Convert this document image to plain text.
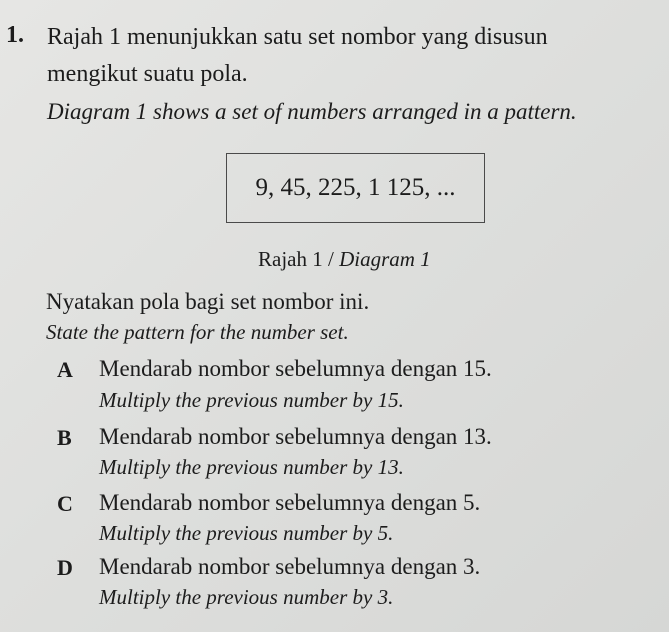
1. Rajah 1 menunjukkan satu set nombor yang disusun
mengikut suatu pola.
Diagram 1 shows a set of numbers arranged in a pattern.
9, 45, 225, 1 125, ...
Rajah 1 / Diagram 1
Nyatakan pola bagi set nombor ini.
State the pattern for the number set.
A Mendarab nombor sebelumnya dengan 15.
Multiply the previous number by 15.
B Mendarab nombor sebelumnya dengan 13.
Multiply the previous number by 13.
C Mendarab nombor sebelumnya dengan 5.
Multiply the previous number by 5.
D Mendarab nombor sebelumnya dengan 3.
Multiply the previous number by 3.
